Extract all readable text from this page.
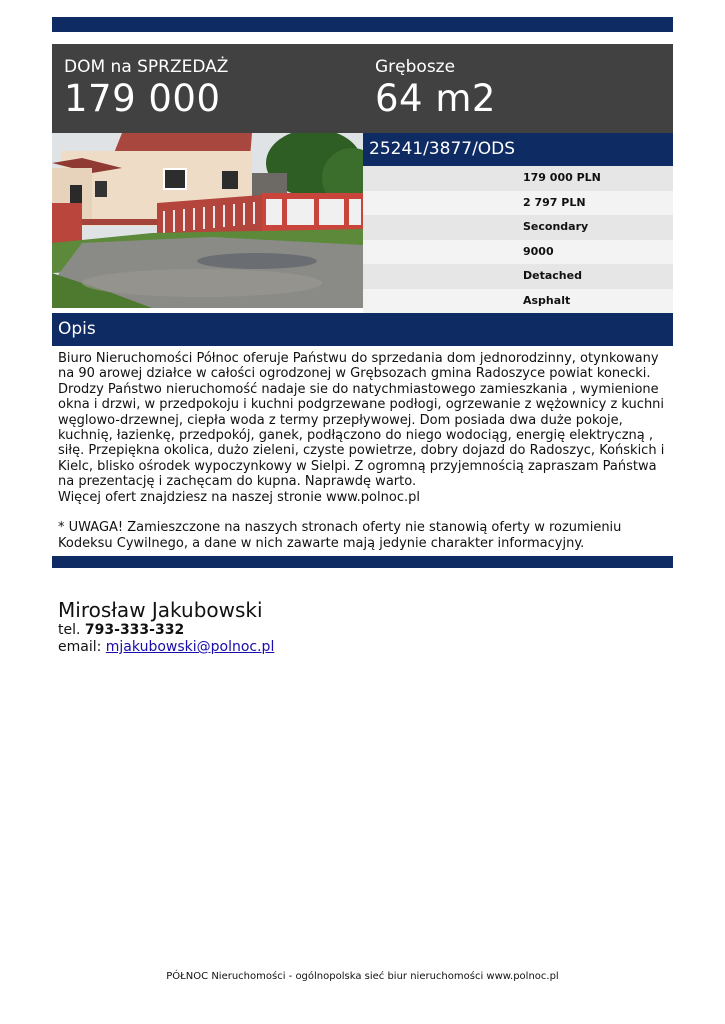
DOM na SPRZEDAŻ
179 000
Grębosze
64 m2
25241/3877/ODS
179 000 PLN
2 797 PLN
Secondary
9000
Detached
Asphalt
Opis

Biuro Nieruchomości Północ oferuje Państwu do sprzedania dom jednorodzinny, otynkowany na 90 arowej działce w całości ogrodzonej w Grębsozach gmina Radoszyce powiat konecki. Drodzy Państwo nieruchomość nadaje sie do natychmiastowego zamieszkania , wymienione okna i drzwi, w przedpokoju i kuchni podgrzewane podłogi, ogrzewanie z wężownicy z kuchni węglowo-drzewnej, ciepła woda z termy przepływowej. Dom posiada dwa duże pokoje, kuchnię, łazienkę, przedpokój, ganek, podłączono do niego wodociąg, energię elektryczną , siłę. Przepiękna okolica, dużo zieleni, czyste powietrze, dobry dojazd do Radoszyc, Końskich i Kielc, blisko ośrodek wypoczynkowy w Sielpi. Z ogromną przyjemnością zapraszam Państwa na prezentację i zachęcam do kupna. Naprawdę warto.

Więcej ofert znajdziesz na naszej stronie www.polnoc.pl

* UWAGA! Zamieszczone na naszych stronach oferty nie stanowią oferty w rozumieniu Kodeksu Cywilnego, a dane w nich zawarte mają jedynie charakter informacyjny.

Mirosław Jakubowski
tel. 793-333-332
email: mjakubowski@polnoc.pl
PÓŁNOC Nieruchomości - ogólnopolska sieć biur nieruchomości www.polnoc.pl
